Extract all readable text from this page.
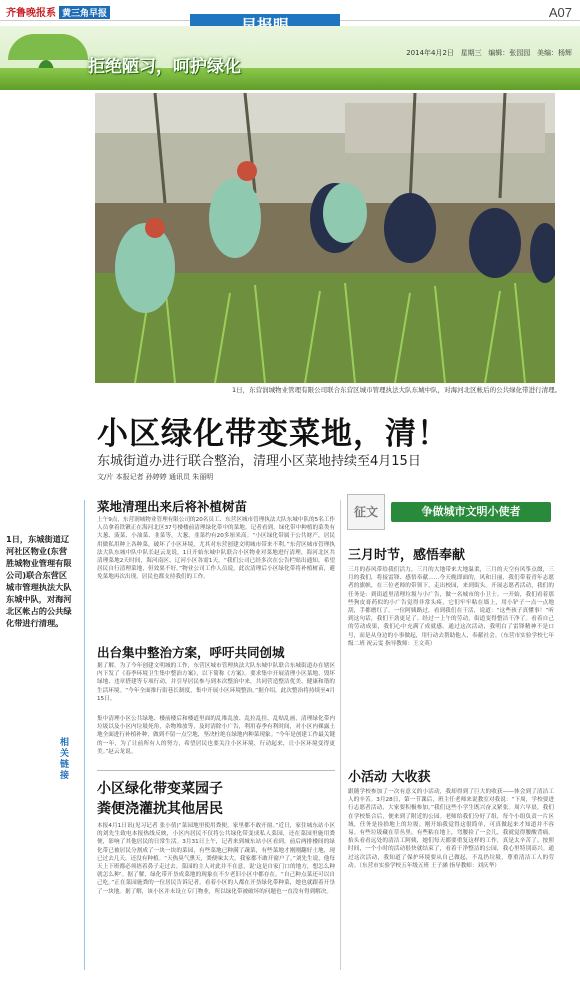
齐鲁晚报系 黄三角早报	A07
拒绝陋习，呵护绿化
2014年4月2日 星期三 编辑：张园园 美编：杨辉
1日，东营润城物业管理有限公司联合东营区城市管理执法大队东城中队，对海河北区帐后的公共绿化带进行清理。
小区绿化带变菜地，清！
东城街道办进行联合整治，清理小区菜地持续至4月15日
文/片 本报记者 孙婷婷 通讯员 朱丽明
1日，东城街道辽河社区物业(东营胜城物业管理有限公司)联合东营区城市管理执法大队东城中队，对海河北区帐占的公共绿化带进行清理。
相关链接
菜地清理出来后将补植树苗
上午9点，东营润城物业管理有限公司的20名员工、东营区城市管理执法大队东城中队的5名工作人员拿着铁锹正在海河北区37号楼楼前清理绿化带中的菜地。记者看到，绿化带中种植的菜类有大葱、菠菜、小油菜、韭菜等，大葱、韭菜约有20多厘米高。“小区绿化带属于公共财产，居民用做私用种上各种菜，破坏了小区环境，尤其对东营创建文明城市带来不利。”东营区城市管理执法大队东城中队中队长赵云龙说，1日开始东城中队联合小区物业对菜地进行清理，海河北区共清理菜地2天时间，海河南区、辽河小区各需1天。“我们公司已经多次在公告栏贴出通知，希望居民自行清理菜地，但效果不好。”物业公司工作人员说，此次清理后小区绿化带将补植树苗，避免菜地再次出现，居民也都支持我们的工作。
出台集中整治方案，呼吁共同创城
据了解，为了今年创建文明城的工作，东营区城市管理执法大队东城中队联合东城街道办在辖区内下发了《春季环境卫生集中整治方案》，以下简称《方案》。要求集中开展清理小区菜地、毁坏绿地、违章搭建等专项行动，并引导居民参与到本次整治中来，共同营造整洁优美、健康和谐的生活环境。“今年全面推行街巷长制度，集中开展小区环境整治。”据介绍，此次整治将持续至4月15日。
集中清理小区公共绿地、楼前楼后和楼道里面的乱堆乱放、乱拉乱挂、乱贴乱画，清理绿化带内垃圾以及小区内垃圾死角，杂物堆放等，及时清除小广告，利用春季有利时间，对小区内裸露土地全面进行补植补种，做到不留一点空地，坚决杜绝在绿地内种菜现象。“今年是创建工作最关键的一年，为了让前所有人的努力，希望居民也要关注小区环境，行动起来，让小区环境变得更美。”赵云龙说。
小区绿化带变菜园子
粪便浇灌扰其他居民
本报4月1日讯(见习记者 张小倩)“菜园地里使用粪便，家里都不敢开窗。”近日，家住城东站小区的刘先生致电本报热线反映，小区内居民不仅将公共绿化带变成私人菜园，还在菜园里施用粪便，影响了其他居民的日常生活。3月31日上午，记者来到城东站小区看到，前后两排楼间的绿化带已被居民分割成了一块一块的菜园，有些菜地已种满了蔬菜，有些菜地才刚刚翻好土地，现已过去几天，还没有种植。“天热臭气熏天，粪便味太大，我家都不敢开窗户了。”刘先生说，他每天上下班都必须捂着鼻子走过去。菜园的主人对此并不在意，说‘这是自家门口的地方，想怎么种就怎么种’。据了解，绿化带开垦成菜地的现象在不少老旧小区中都存在。“自己种点菜还可以自己吃。”正在菜园施粪的一位居民告诉记者，看着小区的人都在开垦绿化带种菜，她也就跟着开垦了一块地。据了解，该小区并未设立专门物业，所以绿化带被破坏的问题也一直没有得到解决。
征文	争做城市文明小使者
三月时节，感悟奉献
三月的春风带给我们活力，三月的大地带来大地温柔，三月的天空有风筝点缀，三月的我们，将接雷锋、感悟奉献……今天晚即面的，风和日丽，我们带着青年志愿者的旗帜，在三位老师的带领下，走出校园，来到街头。开展志愿者活动，我们的任务是：到街道里清理垃圾与小广告，做一名城市的小卫士。一开始，我们看着那些狗皮膏药似的小广告觉得非常头疼，它们牢牢粘在墙上，用小铲子一点一点地刮，手都磨红了。一位阿姨路过，看到我们在干活，说道：“这些孩子真懂事！”听到这句话，我们干劲更足了。经过一上午的劳动，街道变得整洁干净了。看着自己的劳动成果，我们心中充满了成就感。通过这次活动，我明白了雷锋精神不是口号，而是从身边的小事做起，用行动去帮助他人、奉献社会。（东营市实验学校七年级二班 祝云雯 指导教师：王文英）
小活动 大收获
跟随学校参加了一次有意义的小活动，我却得到了巨大的收获——体会到了清洁工人的辛苦。3月28日，第一节课后，班主任老师来说教室对我说：“下周，学校要进行志愿者活动，大家要积极参加。”我们这些小学生既兴奋又紧张。周六早晨，我们在学校集合后，便来到了附近的公园。老师给我们分好了组，每个小组负责一片区域，任务是捡拾地上的垃圾。刚开始我觉得这很简单，可真做起来才知道并不容易。有些垃圾藏在草丛里，有些粘在地上，弯腰捡了一会儿，我就觉得腰酸背痛。抬头看看远处的清洁工阿姨，她们每天都要重复这样的工作，真是太辛苦了。按照时间，一个小时的活动很快就结束了，看着干净整洁的公园，我心里特别高兴。通过这次活动，我知道了保护环境要从自己做起，不乱扔垃圾，尊重清洁工人的劳动。（东营市实验学校五年级五班 王子涵 指导教师：刘庆华）
